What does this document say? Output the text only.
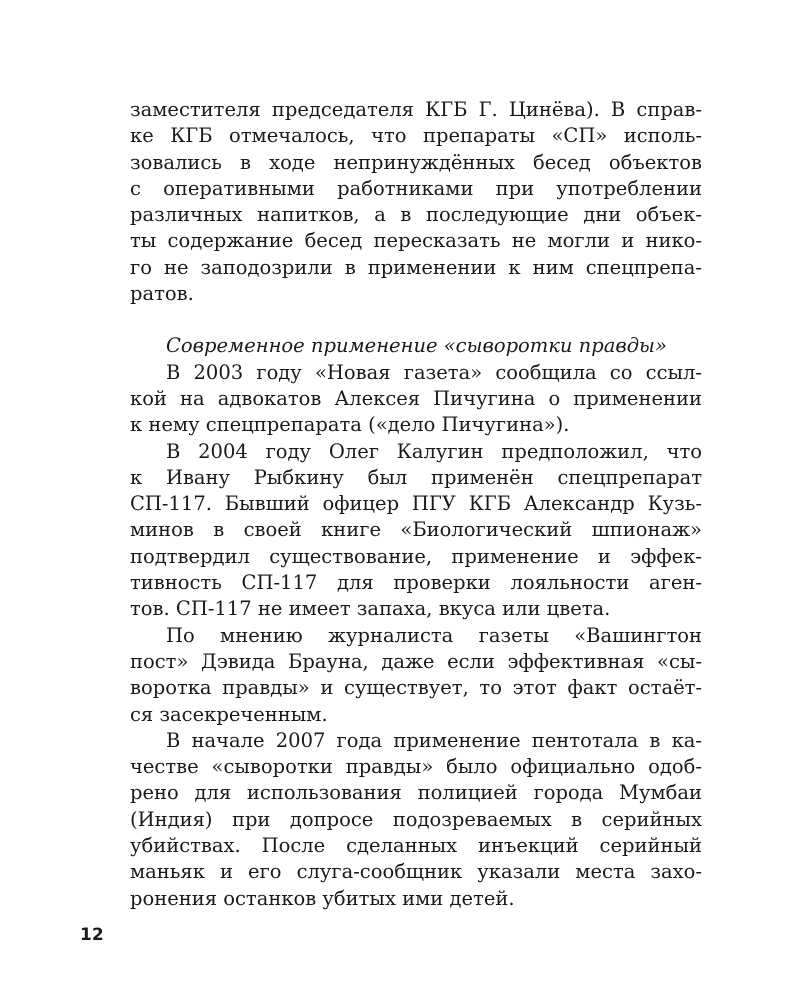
заместителя председателя КГБ Г. Цинёва). В справ-
ке КГБ отмечалось, что препараты «СП» исполь-
зовались в ходе непринуждённых бесед объектов
с оперативными работниками при употреблении
различных напитков, а в последующие дни объек-
ты содержание бесед пересказать не могли и нико-
го не заподозрили в применении к ним спецпрепа-
ратов.
Современное применение «сыворотки правды»
В 2003 году «Новая газета» сообщила со ссыл-
кой на адвокатов Алексея Пичугина о применении
к нему спецпрепарата («дело Пичугина»).
В 2004 году Олег Калугин предположил, что
к Ивану Рыбкину был применён спецпрепарат
СП-117. Бывший офицер ПГУ КГБ Александр Кузь-
минов в своей книге «Биологический шпионаж»
подтвердил существование, применение и эффек-
тивность СП-117 для проверки лояльности аген-
тов. СП-117 не имеет запаха, вкуса или цвета.
По мнению журналиста газеты «Вашингтон
пост» Дэвида Брауна, даже если эффективная «сы-
воротка правды» и существует, то этот факт остаёт-
ся засекреченным.
В начале 2007 года применение пентотала в ка-
честве «сыворотки правды» было официально одоб-
рено для использования полицией города Мумбаи
(Индия) при допросе подозреваемых в серийных
убийствах. После сделанных инъекций серийный
маньяк и его слуга-сообщник указали места захо-
ронения останков убитых ими детей.
12
